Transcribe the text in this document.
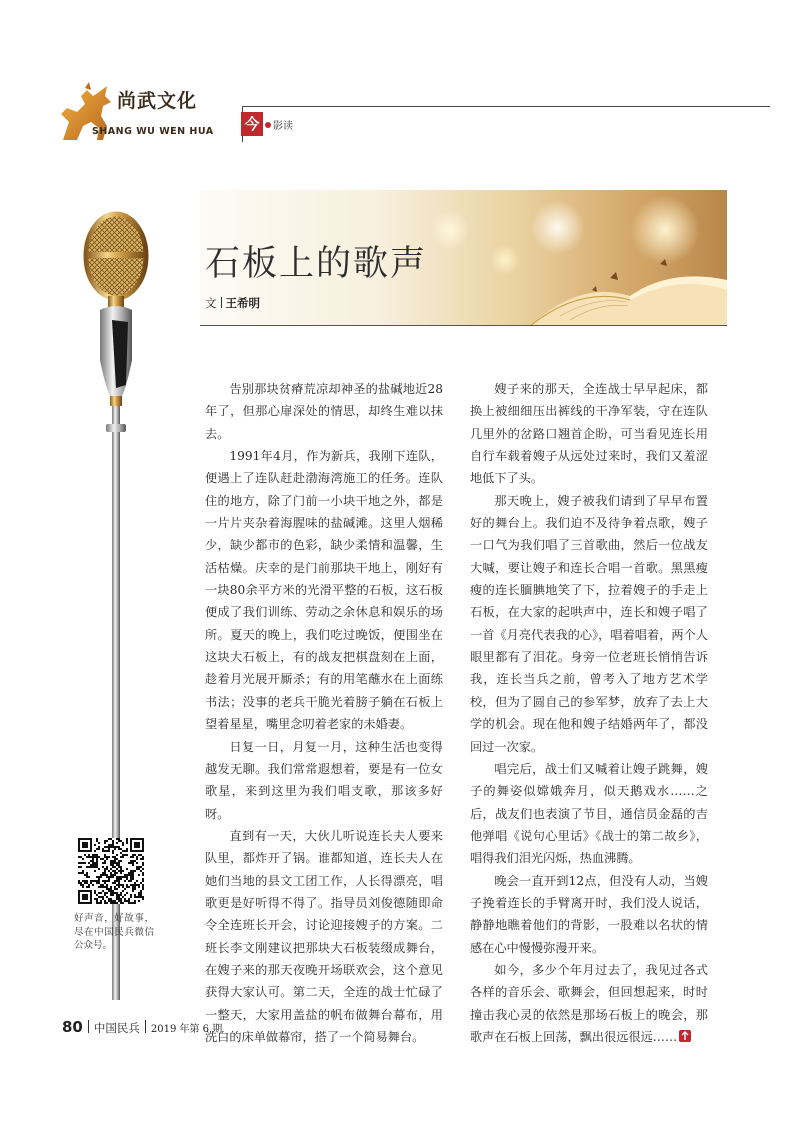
尚武文化
SHANG WU WEN HUA 今	影读
石板上的歌声
文 王希明

告别那块贫瘠荒凉却神圣的盐碱地近28年了，但那心扉深处的情思，却终生难以抹去。

1991年4月，作为新兵，我刚下连队，便遇上了连队赶赴渤海湾施工的任务。连队住的地方，除了门前一小块干地之外，都是一片片夹杂着海腥味的盐碱滩。这里人烟稀少，缺少都市的色彩，缺少柔情和温馨，生活枯燥。庆幸的是门前那块干地上，刚好有一块80余平方米的光滑平整的石板，这石板便成了我们训练、劳动之余休息和娱乐的场所。夏天的晚上，我们吃过晚饭，便围坐在这块大石板上，有的战友把棋盘刻在上面，趁着月光展开厮杀；有的用笔蘸水在上面练书法；没事的老兵干脆光着膀子躺在石板上望着星星，嘴里念叨着老家的未婚妻。

日复一日，月复一月，这种生活也变得越发无聊。我们常常遐想着，要是有一位女歌星，来到这里为我们唱支歌，那该多好呀。

直到有一天，大伙儿听说连长夫人要来队里，都炸开了锅。谁都知道，连长夫人在她们当地的县文工团工作，人长得漂亮，唱歌更是好听得不得了。指导员刘俊德随即命令全连班长开会，讨论迎接嫂子的方案。二班长李文刚建议把那块大石板装缀成舞台，在嫂子来的那天夜晚开场联欢会，这个意见获得大家认可。第二天，全连的战士忙碌了一整天，大家用盖盐的帆布做舞台幕布，用洗白的床单做幕帘，搭了一个简易舞台。

嫂子来的那天，全连战士早早起床，都换上被细细压出裤线的干净军装，守在连队几里外的岔路口翘首企盼，可当看见连长用自行车载着嫂子从远处过来时，我们又羞涩地低下了头。

那天晚上，嫂子被我们请到了早早布置好的舞台上。我们迫不及待争着点歌，嫂子一口气为我们唱了三首歌曲，然后一位战友大喊，要让嫂子和连长合唱一首歌。黑黑瘦瘦的连长腼腆地笑了下，拉着嫂子的手走上石板，在大家的起哄声中，连长和嫂子唱了一首《月亮代表我的心》，唱着唱着，两个人眼里都有了泪花。身旁一位老班长悄悄告诉我，连长当兵之前，曾考入了地方艺术学校，但为了圆自己的参军梦，放弃了去上大学的机会。现在他和嫂子结婚两年了，都没回过一次家。

唱完后，战士们又喊着让嫂子跳舞，嫂子的舞姿似嫦娥奔月，似天鹅戏水……之后，战友们也表演了节目，通信员金磊的吉他弹唱《说句心里话》《战士的第二故乡》，唱得我们泪光闪烁，热血沸腾。

晚会一直开到12点，但没有人动，当嫂子挽着连长的手臂离开时，我们没人说话，静静地瞧着他们的背影，一股难以名状的情感在心中慢慢弥漫开来。

如今，多少个年月过去了，我见过各式各样的音乐会、歌舞会，但回想起来，时时撞击我心灵的依然是那场石板上的晚会，那歌声在石板上回荡，飘出很远很远……

好声音，好故事，尽在中国民兵微信公众号。
80 中国民兵 2019 年第 6 期
